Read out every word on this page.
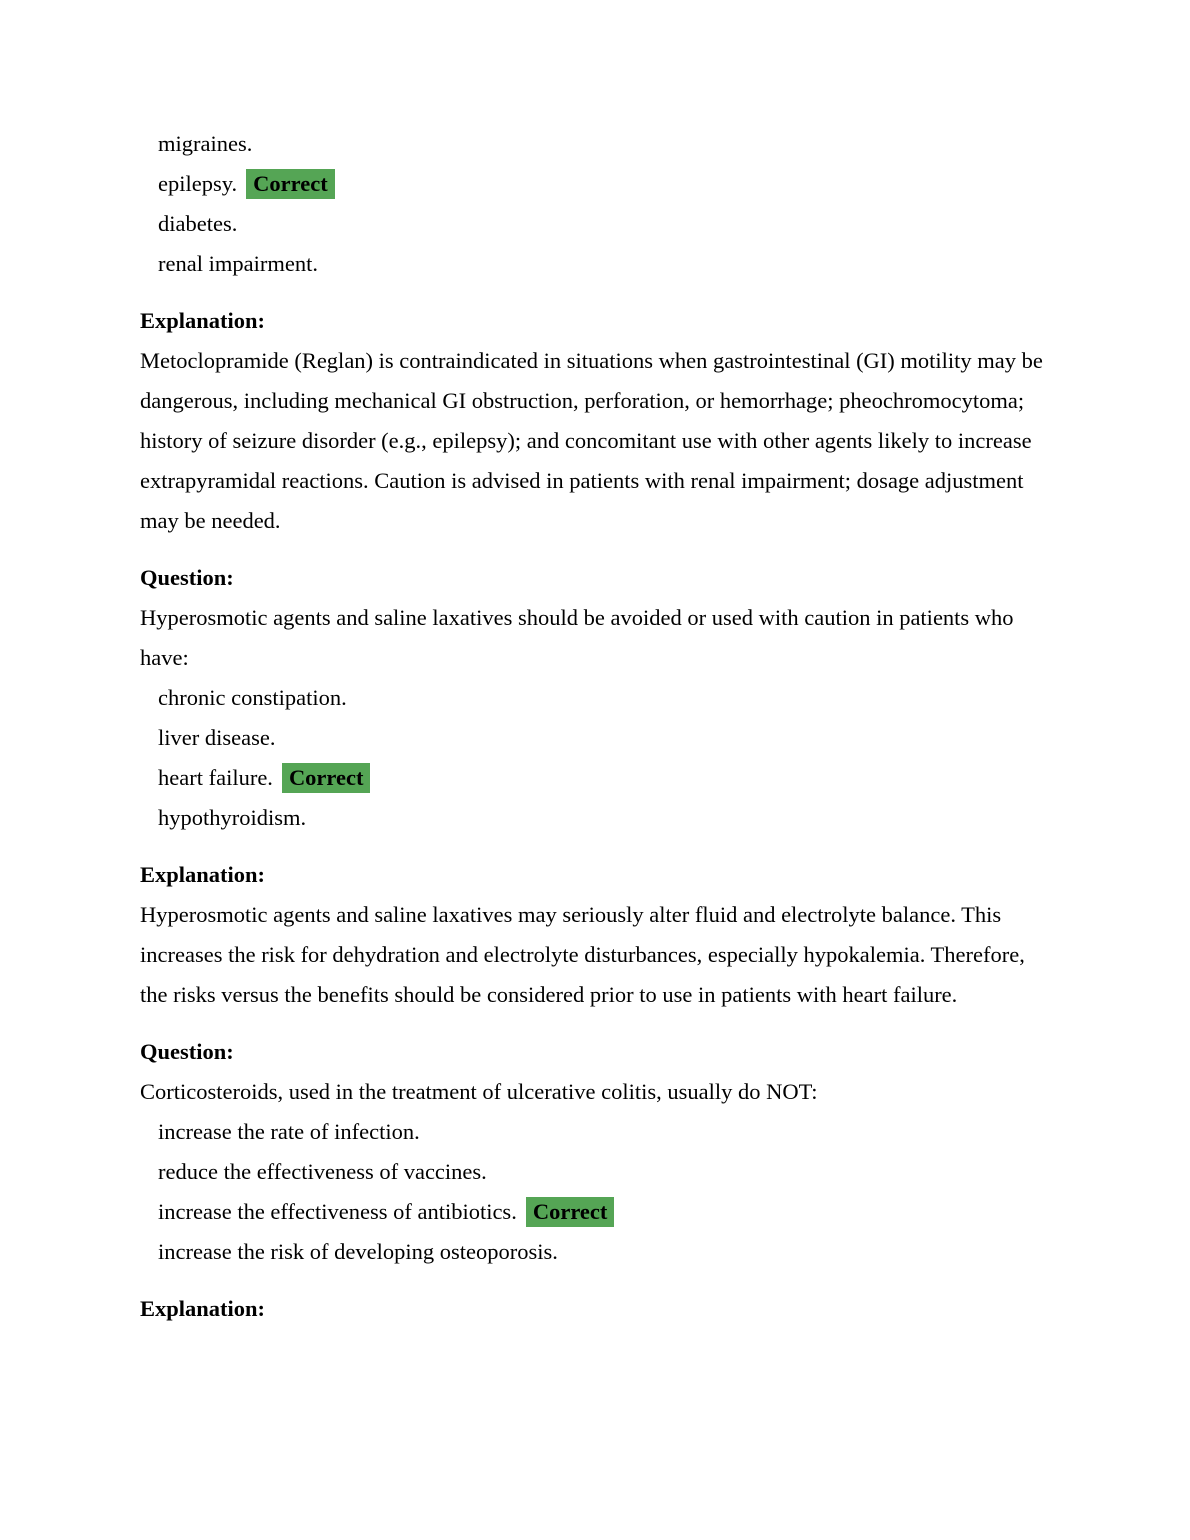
migraines.
epilepsy. Correct
diabetes.
renal impairment.
Explanation:
Metoclopramide (Reglan) is contraindicated in situations when gastrointestinal (GI) motility may be dangerous, including mechanical GI obstruction, perforation, or hemorrhage; pheochromocytoma; history of seizure disorder (e.g., epilepsy); and concomitant use with other agents likely to increase extrapyramidal reactions. Caution is advised in patients with renal impairment; dosage adjustment may be needed.
Question:
Hyperosmotic agents and saline laxatives should be avoided or used with caution in patients who have:
chronic constipation.
liver disease.
heart failure. Correct
hypothyroidism.
Explanation:
Hyperosmotic agents and saline laxatives may seriously alter fluid and electrolyte balance. This increases the risk for dehydration and electrolyte disturbances, especially hypokalemia. Therefore, the risks versus the benefits should be considered prior to use in patients with heart failure.
Question:
Corticosteroids, used in the treatment of ulcerative colitis, usually do NOT:
increase the rate of infection.
reduce the effectiveness of vaccines.
increase the effectiveness of antibiotics. Correct
increase the risk of developing osteoporosis.
Explanation:
